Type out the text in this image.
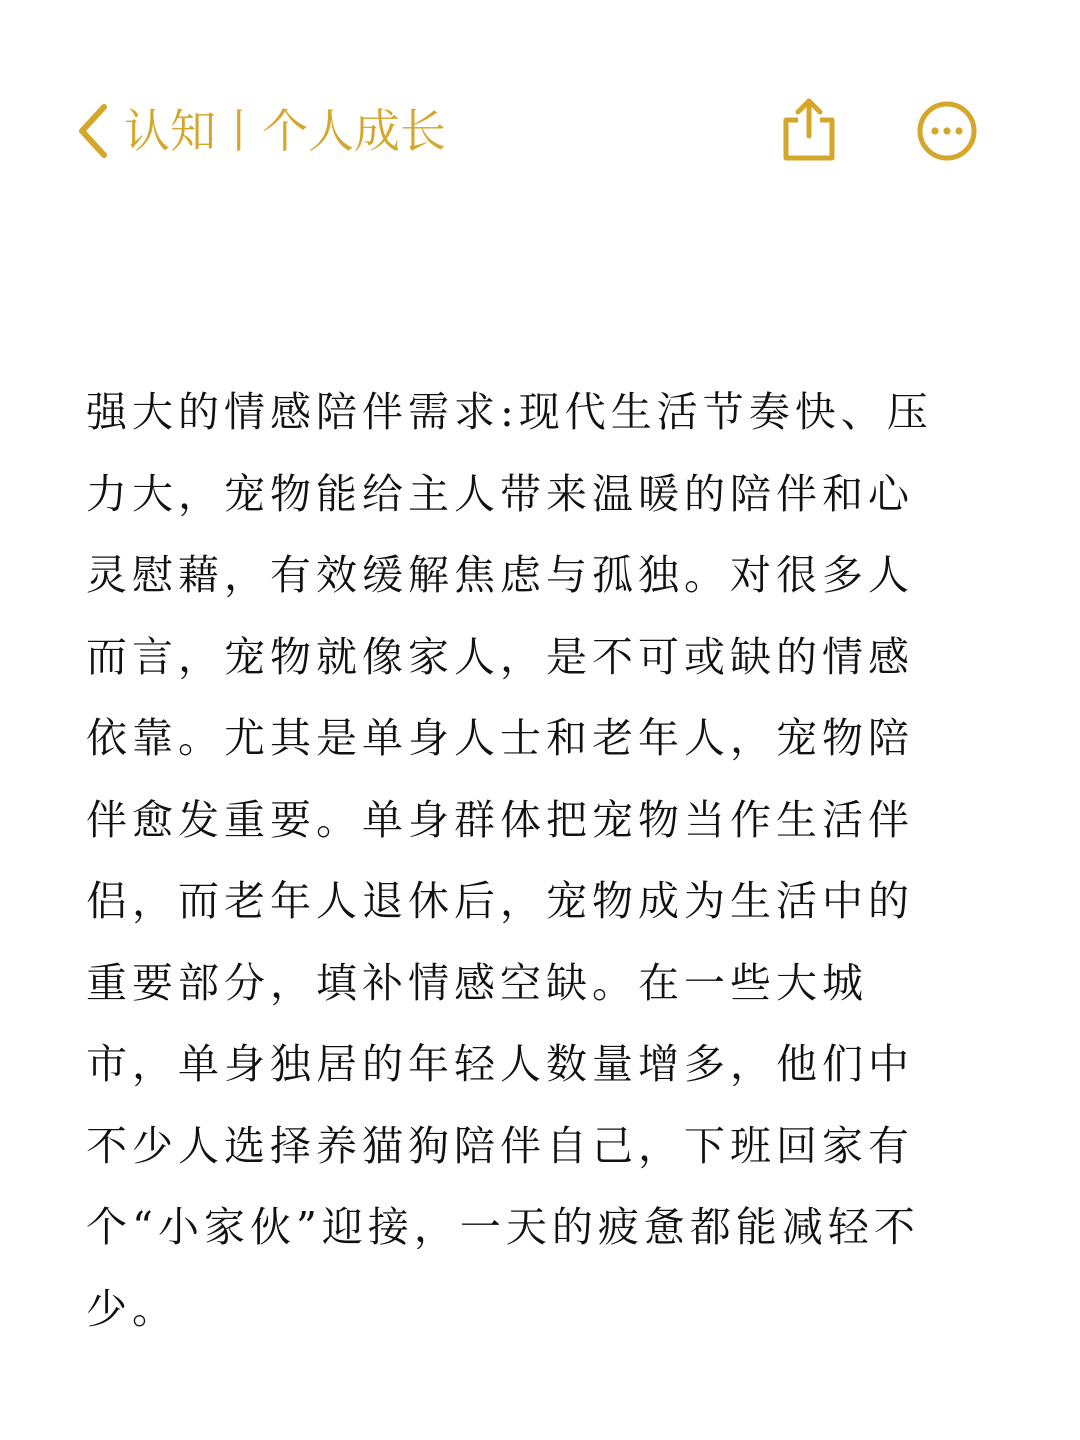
认知丨个人成长

强大的情感陪伴需求:现代生活节奏快、压力大，宠物能给主人带来温暖的陪伴和心灵慰藉，有效缓解焦虑与孤独。对很多人而言，宠物就像家人，是不可或缺的情感依靠。尤其是单身人士和老年人，宠物陪伴愈发重要。单身群体把宠物当作生活伴侣，而老年人退休后，宠物成为生活中的重要部分，填补情感空缺。在一些大城市，单身独居的年轻人数量增多，他们中不少人选择养猫狗陪伴自己，下班回家有个“小家伙”迎接，一天的疲惫都能减轻不少。
